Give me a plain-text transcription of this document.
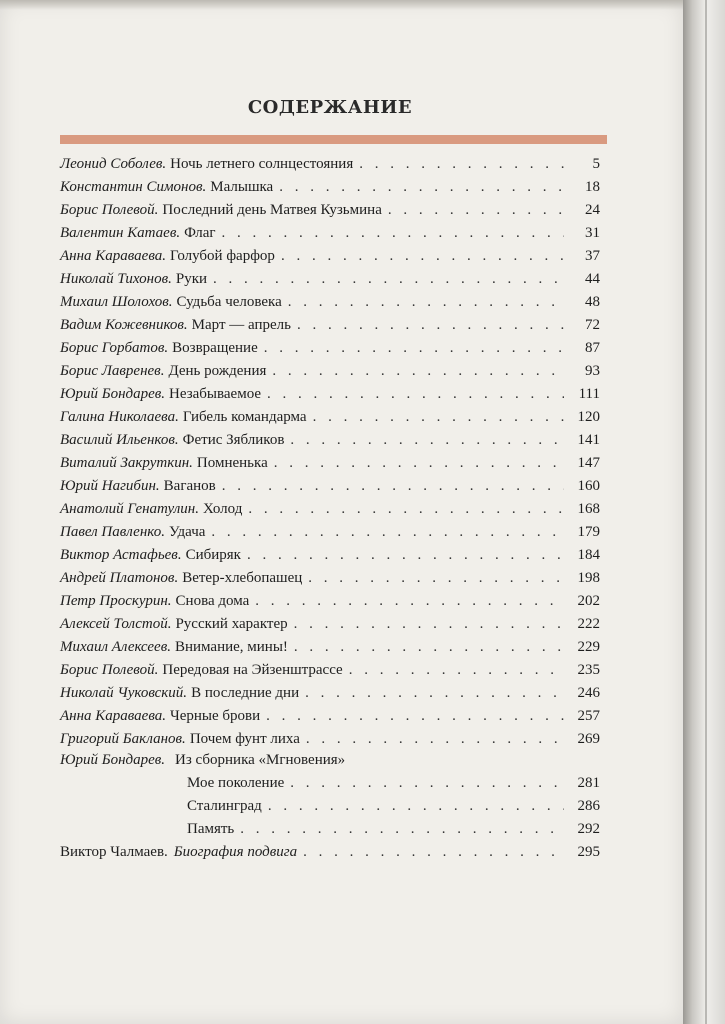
СОДЕРЖАНИЕ
Леонид Соболев. Ночь летнего солнцестояния . . .	5
Константин Симонов. Малышка . . .	18
Борис Полевой. Последний день Матвея Кузьмина . . .	24
Валентин Катаев. Флаг . . .	31
Анна Караваева. Голубой фарфор . . .	37
Николай Тихонов. Руки . . .	44
Михаил Шолохов. Судьба человека . . .	48
Вадим Кожевников. Март — апрель . . .	72
Борис Горбатов. Возвращение . . .	87
Борис Лавренев. День рождения . . .	93
Юрий Бондарев. Незабываемое . . .	111
Галина Николаева. Гибель командарма . . .	120
Василий Ильенков. Фетис Зябликов . . .	141
Виталий Закруткин. Помненька . . .	147
Юрий Нагибин. Ваганов . . .	160
Анатолий Генатулин. Холод . . .	168
Павел Павленко. Удача . . .	179
Виктор Астафьев. Сибиряк . . .	184
Андрей Платонов. Ветер-хлебопашец . . .	198
Петр Проскурин. Снова дома . . .	202
Алексей Толстой. Русский характер . . .	222
Михаил Алексеев. Внимание, мины! . . .	229
Борис Полевой. Передовая на Эйзенштрассе . . .	235
Николай Чуковский. В последние дни . . .	246
Анна Караваева. Черные брови . . .	257
Григорий Бакланов. Почем фунт лиха . . .	269
Юрий Бондарев. Из сборника «Мгновения»
Мое поколение . . .	281
Сталинград . . .	286
Память . . .	292
Виктор Чалмаев. Биография подвига . . .	295
